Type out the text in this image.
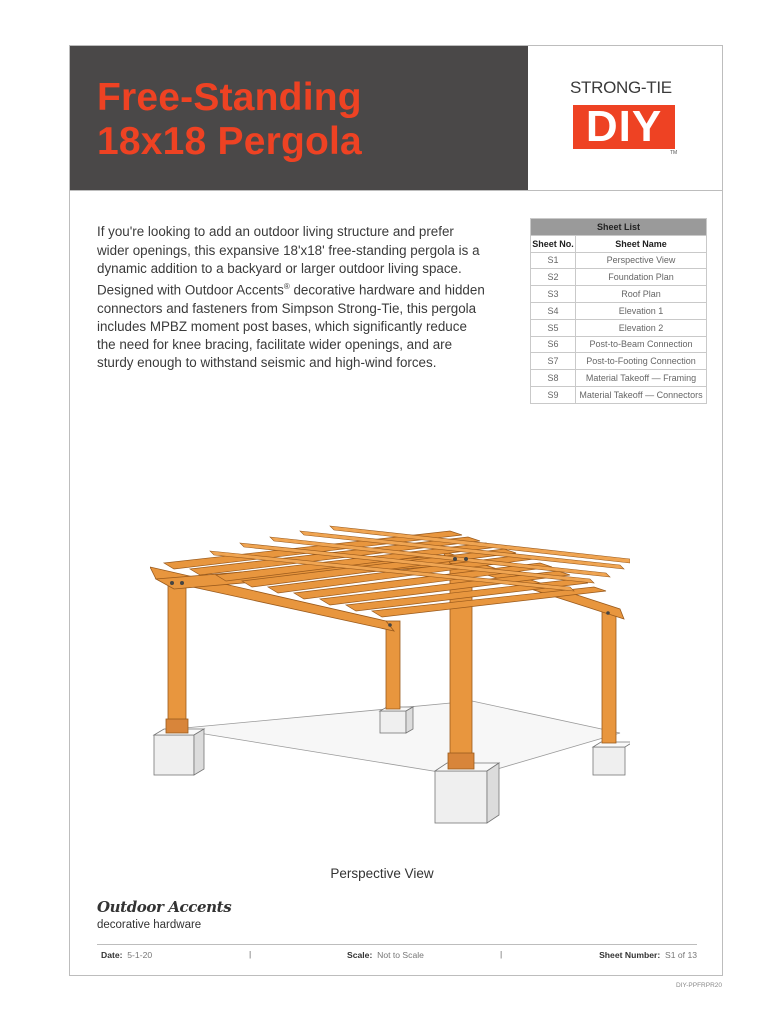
Free-Standing
18x18 Pergola
STRONG-TIE
DIY
TM

If you're looking to add an outdoor living structure and prefer wider openings, this expansive 18'x18' free-standing pergola is a dynamic addition to a backyard or larger outdoor living space. Designed with Outdoor Accents® decorative hardware and hidden connectors and fasteners from Simpson Strong-Tie, this pergola includes MPBZ moment post bases, which significantly reduce the need for knee bracing, facilitate wider openings, and are sturdy enough to withstand seismic and high-wind forces.

Sheet List	
Sheet No.	Sheet Name
S1	Perspective View
S2	Foundation Plan
S3	Roof Plan
S4	Elevation 1
S5	Elevation 2
S6	Post-to-Beam Connection
S7	Post-to-Footing Connection
S8	Material Takeoff — Framing
S9	Material Takeoff — Connectors
Perspective View
Outdoor Accents
decorative hardware
Date: 5-1-20	|	Scale: Not to Scale	|	Sheet Number: S1 of 13
DIY-PPFRPR20
